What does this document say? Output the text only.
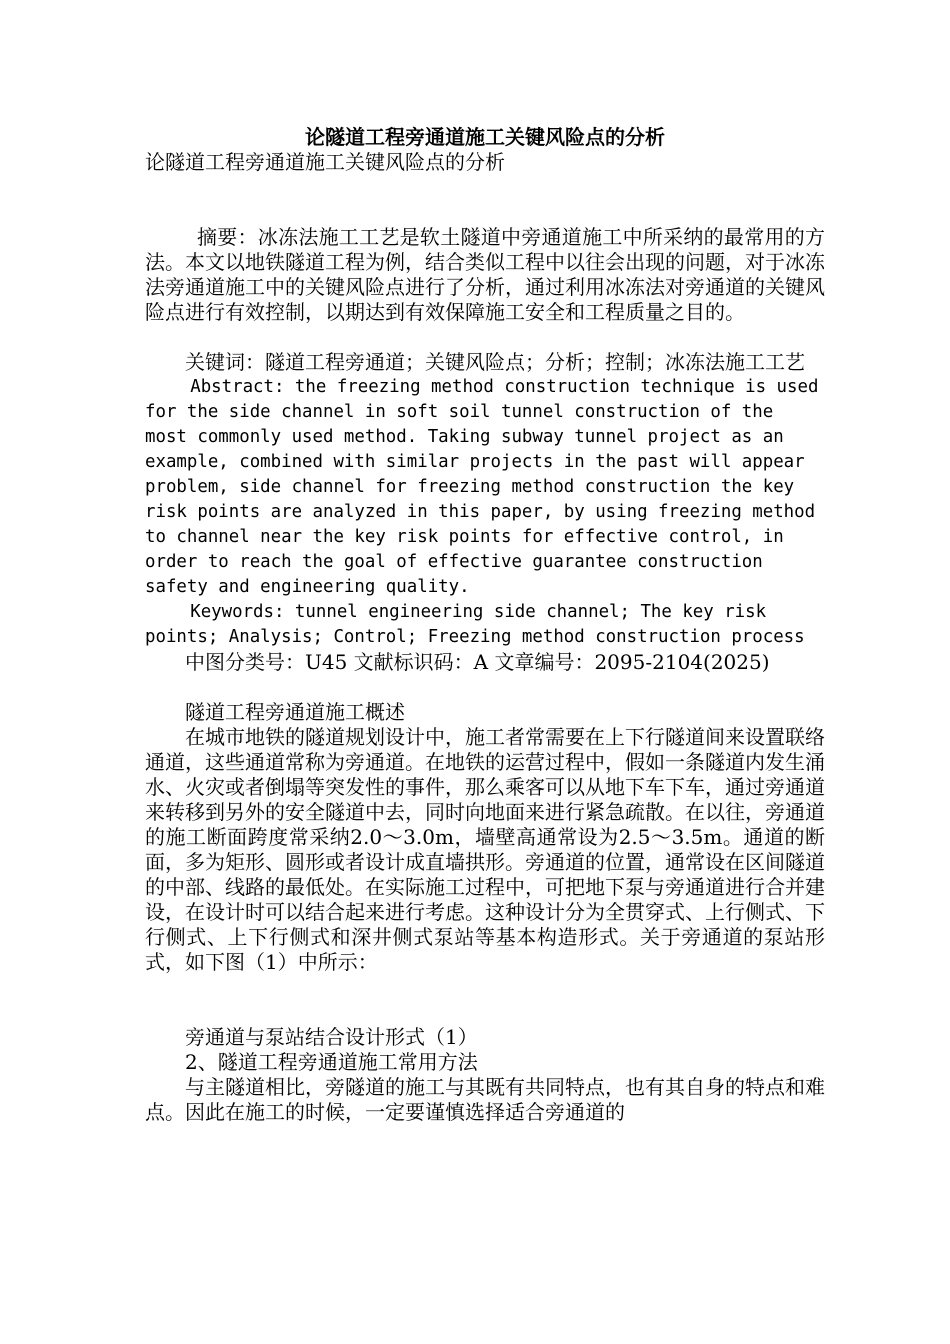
论隧道工程旁通道施工关键风险点的分析
论隧道工程旁通道施工关键风险点的分析
摘要：冰冻法施工工艺是软土隧道中旁通道施工中所采纳的最常用的方法。本文以地铁隧道工程为例，结合类似工程中以往会出现的问题，对于冰冻法旁通道施工中的关键风险点进行了分析，通过利用冰冻法对旁通道的关键风险点进行有效控制，以期达到有效保障施工安全和工程质量之目的。
关键词：隧道工程旁通道；关键风险点；分析；控制；冰冻法施工工艺
Abstract: the freezing method construction technique is used for the side channel in soft soil tunnel construction of the most commonly used method. Taking subway tunnel project as an example, combined with similar projects in the past will appear problem, side channel for freezing method construction the key risk points are analyzed in this paper, by using freezing method to channel near the key risk points for effective control, in order to reach the goal of effective guarantee construction safety and engineering quality.
Keywords: tunnel engineering side channel; The key risk points; Analysis; Control; Freezing method construction process
中图分类号：U45 文献标识码：A 文章编号：2095-2104(2025)
隧道工程旁通道施工概述
在城市地铁的隧道规划设计中，施工者常需要在上下行隧道间来设置联络通道，这些通道常称为旁通道。在地铁的运营过程中，假如一条隧道内发生涌水、火灾或者倒塌等突发性的事件，那么乘客可以从地下车下车，通过旁通道来转移到另外的安全隧道中去，同时向地面来进行紧急疏散。在以往，旁通道的施工断面跨度常采纳2.0～3.0m，墙壁高通常设为2.5～3.5m。通道的断面，多为矩形、圆形或者设计成直墙拱形。旁通道的位置，通常设在区间隧道的中部、线路的最低处。在实际施工过程中，可把地下泵与旁通道进行合并建设，在设计时可以结合起来进行考虑。这种设计分为全贯穿式、上行侧式、下行侧式、上下行侧式和深井侧式泵站等基本构造形式。关于旁通道的泵站形式，如下图（1）中所示：
旁通道与泵站结合设计形式（1）
2、隧道工程旁通道施工常用方法
与主隧道相比，旁隧道的施工与其既有共同特点，也有其自身的特点和难点。因此在施工的时候，一定要谨慎选择适合旁通道的
